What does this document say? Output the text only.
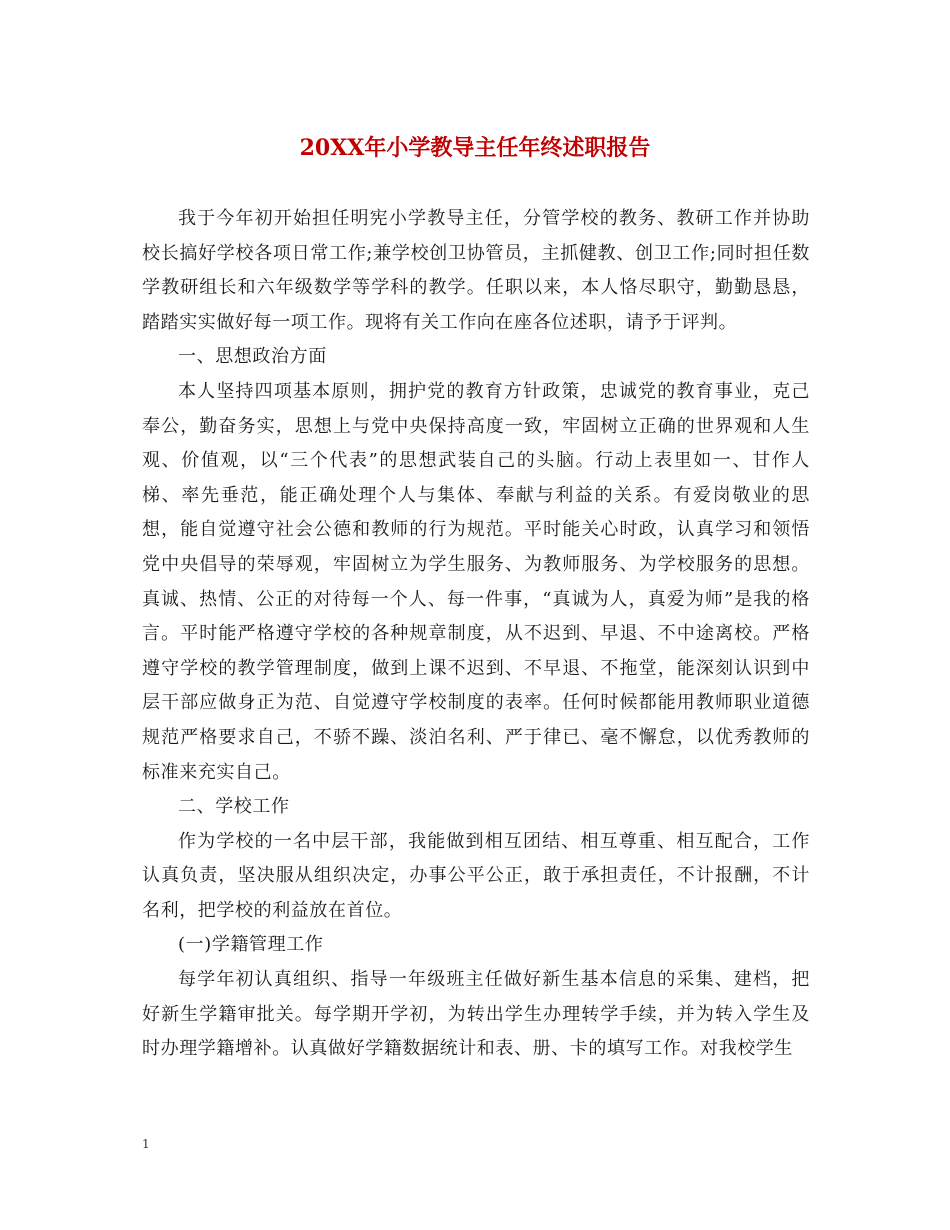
20XX年小学教导主任年终述职报告

我于今年初开始担任明宪小学教导主任，分管学校的教务、教研工作并协助校长搞好学校各项日常工作;兼学校创卫协管员，主抓健教、创卫工作;同时担任数学教研组长和六年级数学等学科的教学。任职以来，本人恪尽职守，勤勤恳恳，踏踏实实做好每一项工作。现将有关工作向在座各位述职，请予于评判。

一、思想政治方面

本人坚持四项基本原则，拥护党的教育方针政策，忠诚党的教育事业，克己奉公，勤奋务实，思想上与党中央保持高度一致，牢固树立正确的世界观和人生观、价值观，以“三个代表”的思想武装自己的头脑。行动上表里如一、甘作人梯、率先垂范，能正确处理个人与集体、奉献与利益的关系。有爱岗敬业的思想，能自觉遵守社会公德和教师的行为规范。平时能关心时政，认真学习和领悟党中央倡导的荣辱观，牢固树立为学生服务、为教师服务、为学校服务的思想。真诚、热情、公正的对待每一个人、每一件事，“真诚为人，真爱为师”是我的格言。平时能严格遵守学校的各种规章制度，从不迟到、早退、不中途离校。严格遵守学校的教学管理制度，做到上课不迟到、不早退、不拖堂，能深刻认识到中层干部应做身正为范、自觉遵守学校制度的表率。任何时候都能用教师职业道德规范严格要求自己，不骄不躁、淡泊名利、严于律已、毫不懈怠，以优秀教师的标准来充实自己。

二、学校工作

作为学校的一名中层干部，我能做到相互团结、相互尊重、相互配合，工作认真负责，坚决服从组织决定，办事公平公正，敢于承担责任，不计报酬，不计名利，把学校的利益放在首位。

(一)学籍管理工作

每学年初认真组织、指导一年级班主任做好新生基本信息的采集、建档，把好新生学籍审批关。每学期开学初，为转出学生办理转学手续，并为转入学生及时办理学籍增补。认真做好学籍数据统计和表、册、卡的填写工作。对我校学生

1
